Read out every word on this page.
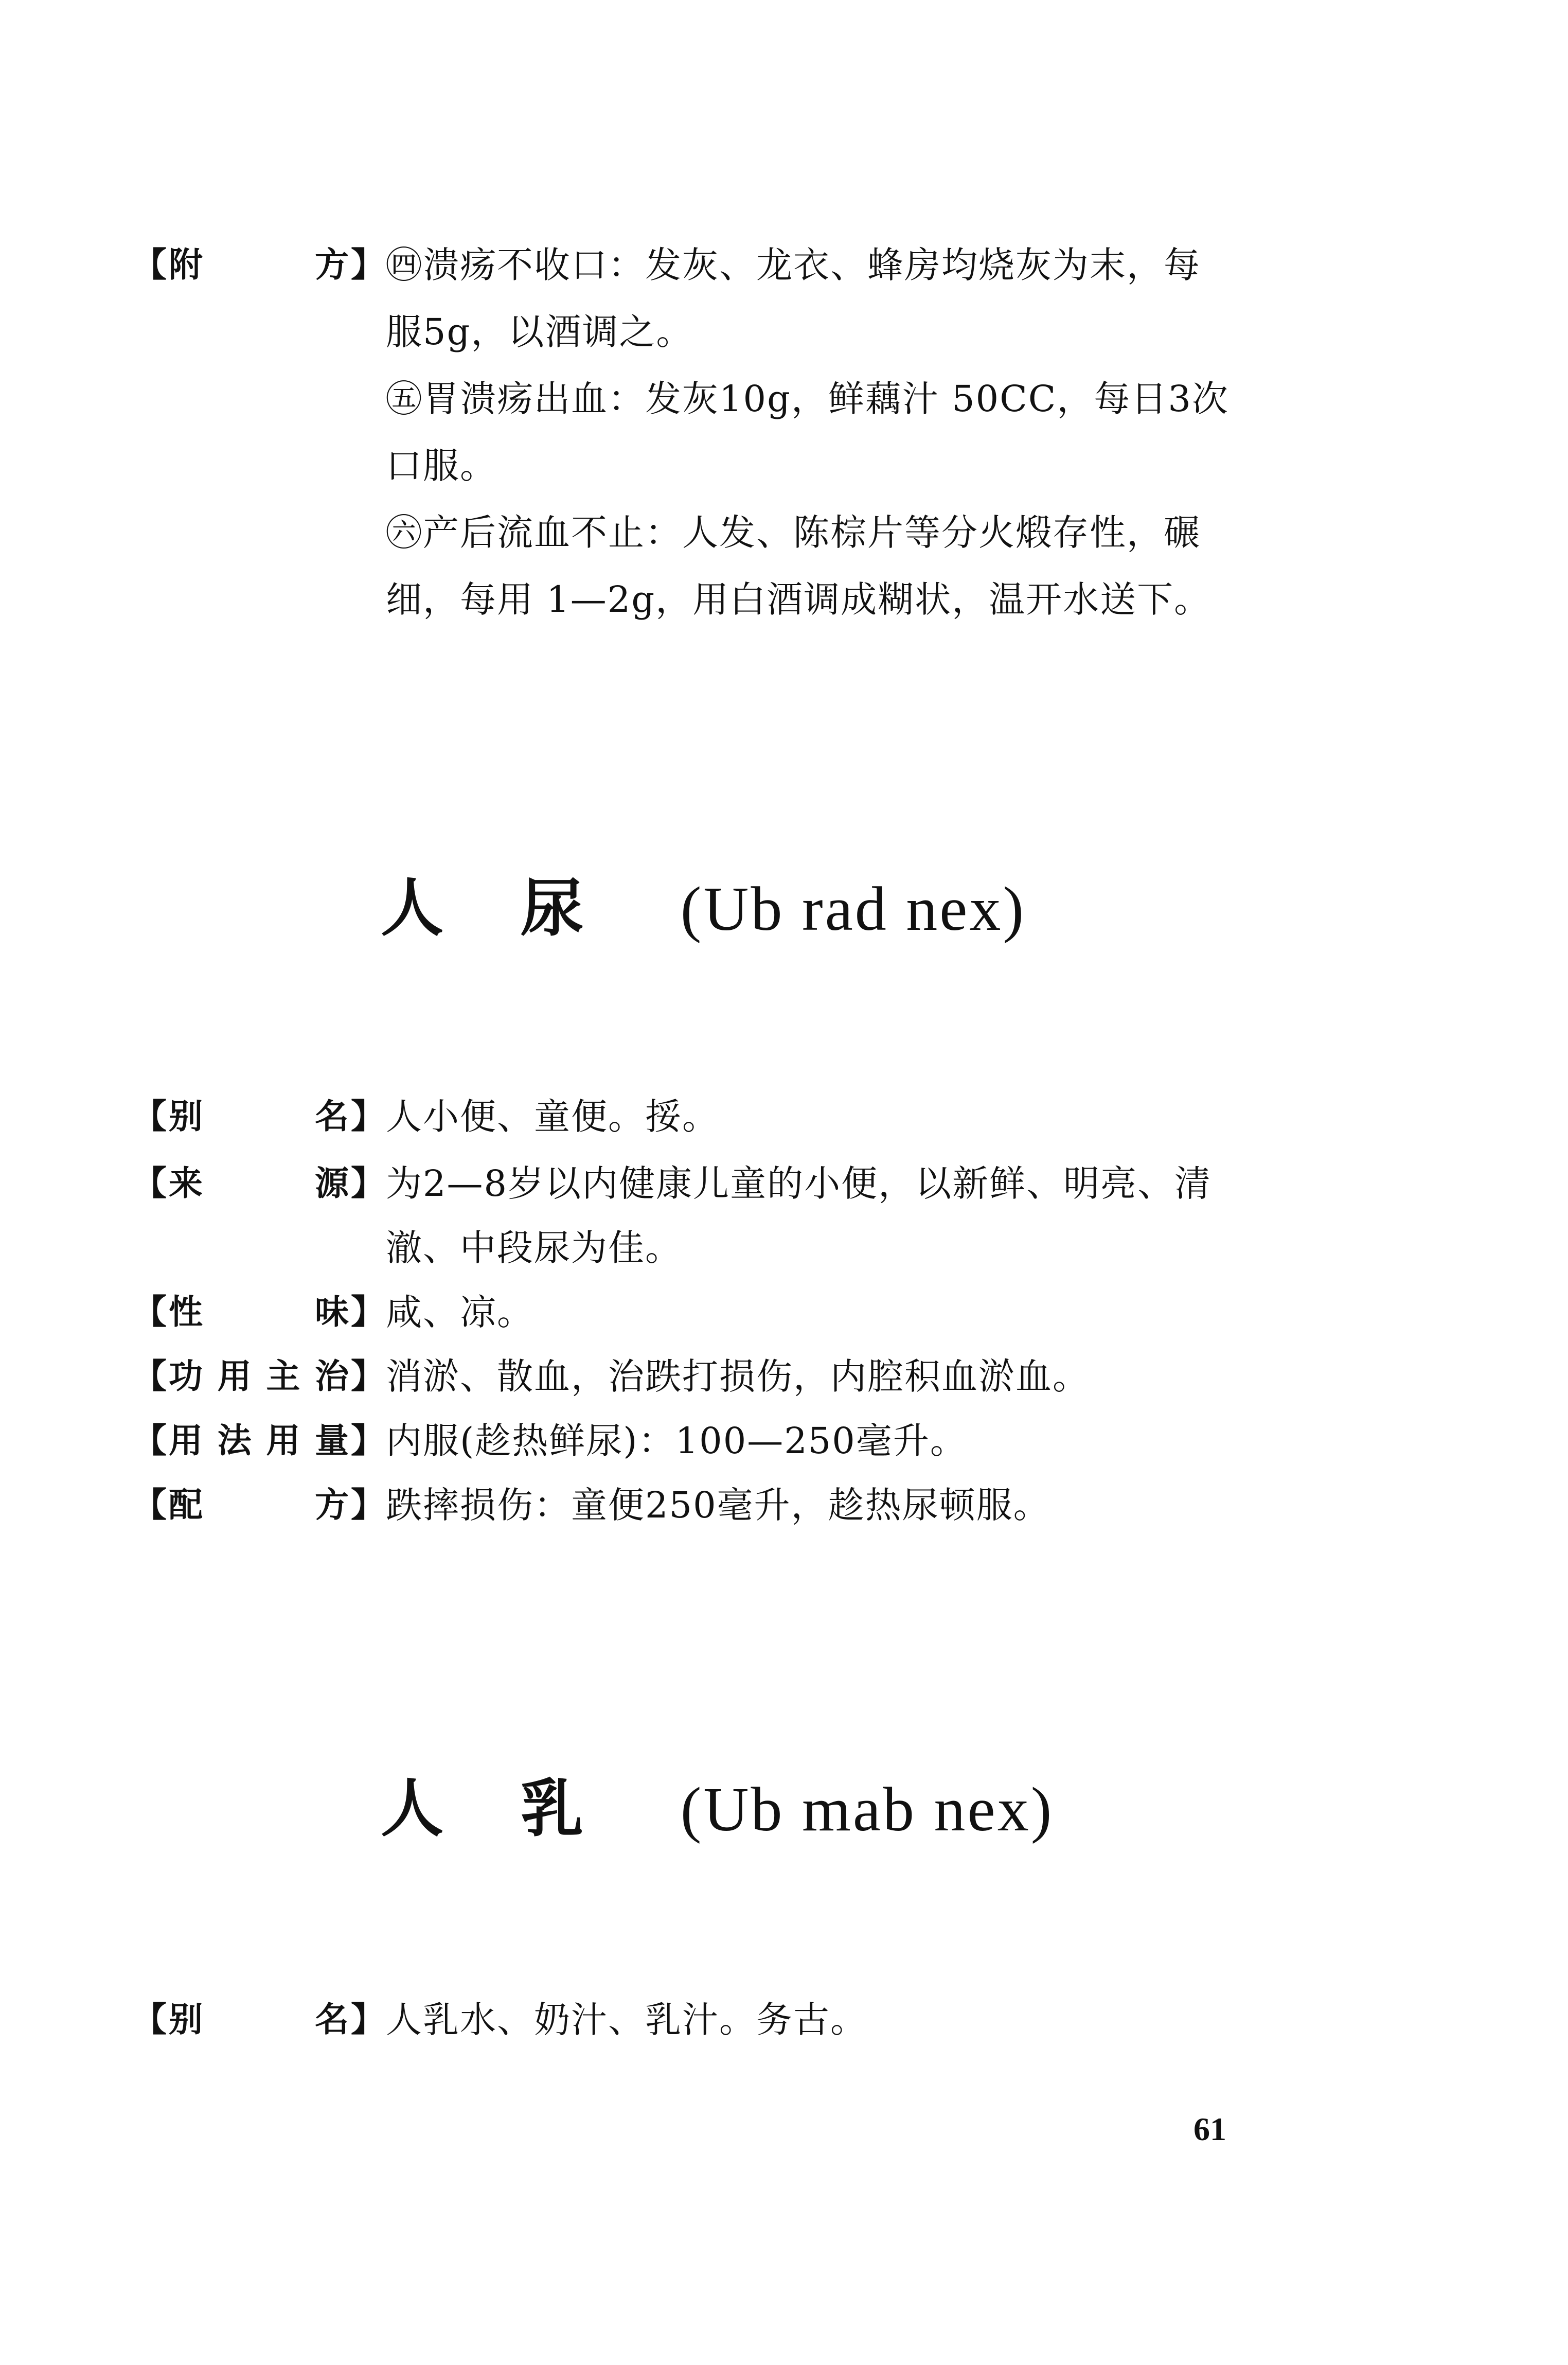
【 附	方 】 ㊃溃疡不收口：发灰、龙衣、蜂房均烧灰为末，每
服5g，以酒调之。
㊄胃溃疡出血：发灰10g，鲜藕汁 50CC，每日3次
口服。
㊅产后流血不止：人发、陈棕片等分火煅存性，碾
细，每用 1—2g，用白酒调成糊状，温开水送下。
人尿 (Ub rad nex)
【 别	名 】 人小便、童便。挼。
【 来	源 】 为2—8岁以内健康儿童的小便，以新鲜、明亮、清
澈、中段尿为佳。
【 性	味 】 咸、凉。
【 功 用 主 治 】 消淤、散血，治跌打损伤，内腔积血淤血。
【 用 法 用 量 】 内服(趁热鲜尿)：100—250毫升。
【 配	方 】 跌摔损伤：童便250毫升，趁热尿顿服。
人乳 (Ub mab nex)
【 别	名 】 人乳水、奶汁、乳汁。务古。
61
